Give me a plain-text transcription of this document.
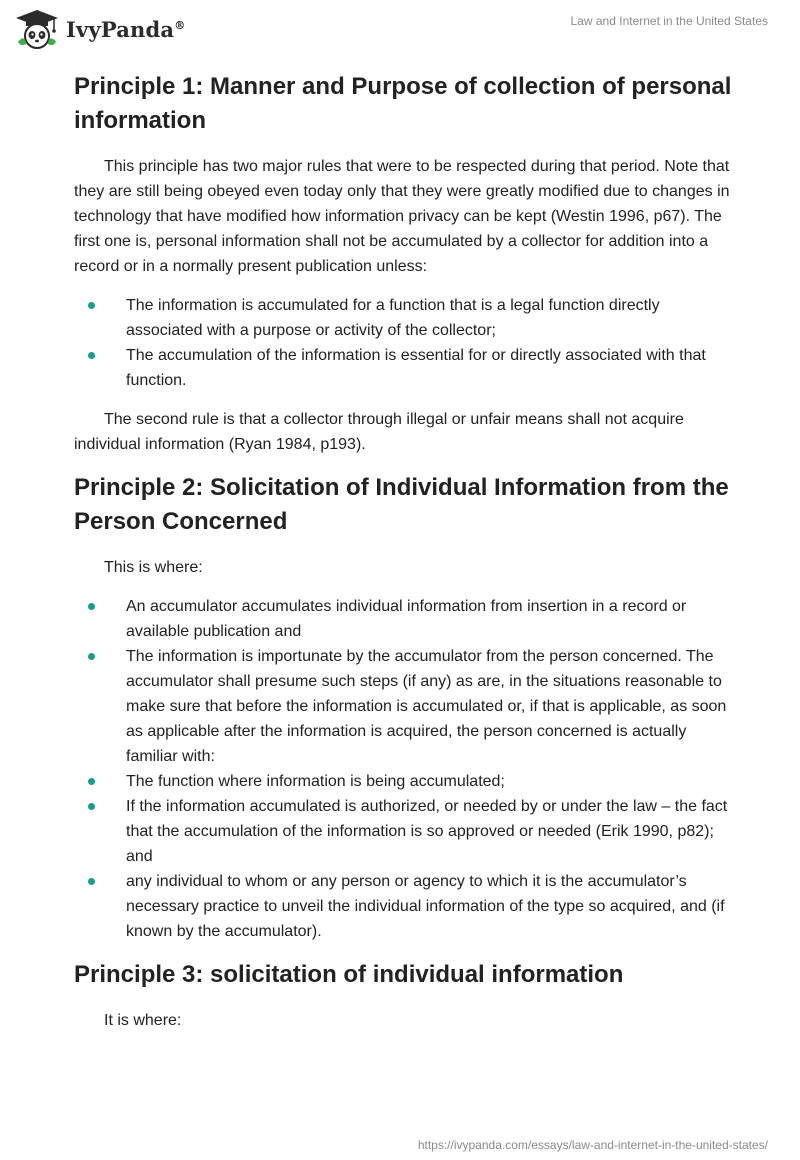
IvyPanda®	Law and Internet in the United States
Principle 1: Manner and Purpose of collection of personal information

This principle has two major rules that were to be respected during that period. Note that they are still being obeyed even today only that they were greatly modified due to changes in technology that have modified how information privacy can be kept (Westin 1996, p67). The first one is, personal information shall not be accumulated by a collector for addition into a record or in a normally present publication unless:

The information is accumulated for a function that is a legal function directly associated with a purpose or activity of the collector;
The accumulation of the information is essential for or directly associated with that function.

The second rule is that a collector through illegal or unfair means shall not acquire individual information (Ryan 1984, p193).

Principle 2: Solicitation of Individual Information from the Person Concerned

This is where:

An accumulator accumulates individual information from insertion in a record or available publication and
The information is importunate by the accumulator from the person concerned. The accumulator shall presume such steps (if any) as are, in the situations reasonable to make sure that before the information is accumulated or, if that is applicable, as soon as applicable after the information is acquired, the person concerned is actually familiar with:
The function where information is being accumulated;
If the information accumulated is authorized, or needed by or under the law – the fact that the accumulation of the information is so approved or needed (Erik 1990, p82); and
any individual to whom or any person or agency to which it is the accumulator’s necessary practice to unveil the individual information of the type so acquired, and (if known by the accumulator).
Principle 3: solicitation of individual information

It is where:

https://ivypanda.com/essays/law-and-internet-in-the-united-states/
